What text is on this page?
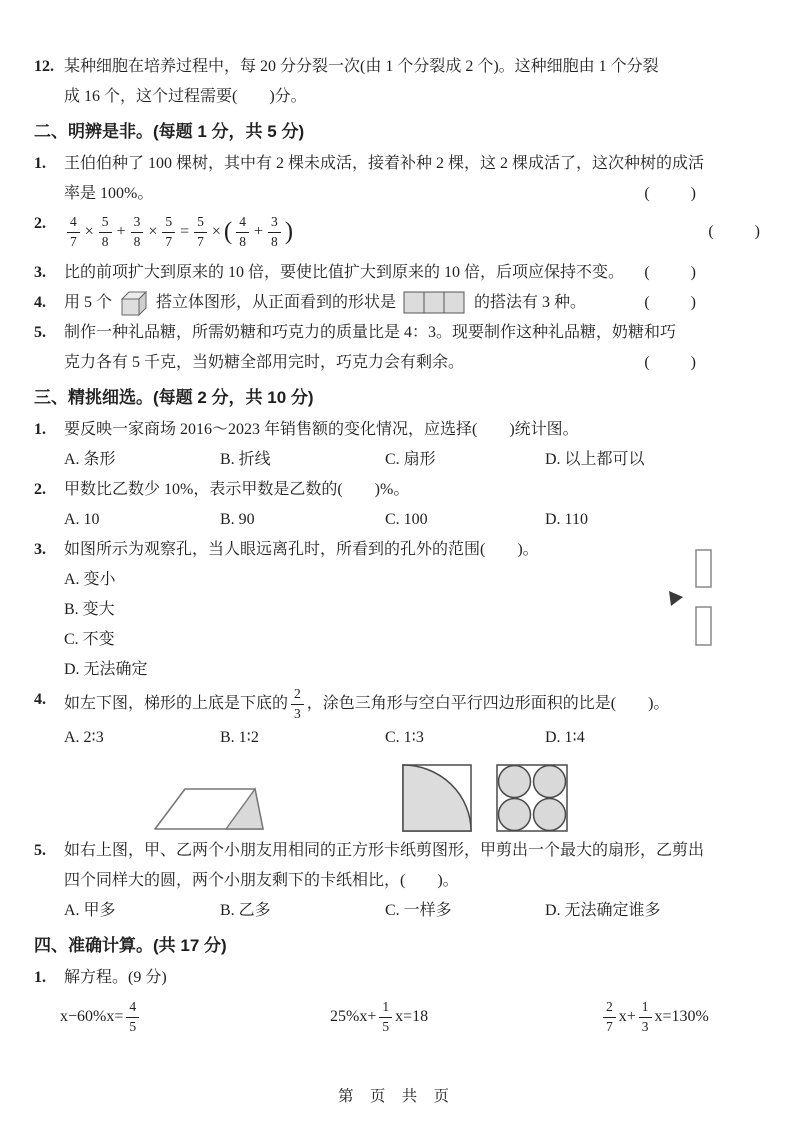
12. 某种细胞在培养过程中，每 20 分分裂一次(由 1 个分裂成 2 个)。这种细胞由 1 个分裂
成 16 个，这个过程需要(　　)分。
二、明辨是非。(每题 1 分，共 5 分)
1.	王伯伯种了 100 棵树，其中有 2 棵未成活，接着补种 2 棵，这 2 棵成活了，这次种树的成活
率是 100%。	(　　)
2.	$\frac{4}{7} \times \frac{5}{8} + \frac{3}{8} \times \frac{5}{7} = \frac{5}{7}$ × ( $\frac{4}{8} + \frac{3}{8}$ )	(　　)
3.	比的前项扩大到原来的 10 倍，要使比值扩大到原来的 10 倍，后项应保持不变。 (　　)
4.	用 5 个	搭立体图形，从正面看到的形状是	的搭法有 3 种。	(　　)
5.	制作一种礼品糖，所需奶糖和巧克力的质量比是 4：3。现要制作这种礼品糖，奶糖和巧
克力各有 5 千克，当奶糖全部用完时，巧克力会有剩余。	(　　)
三、精挑细选。(每题 2 分，共 10 分)
1.	要反映一家商场 2016～2023 年销售额的变化情况，应选择(　　)统计图。
A. 条形	B. 折线	C. 扇形	D. 以上都可以
2.	甲数比乙数少 10%，表示甲数是乙数的(　　)%。
A. 10	B. 90	C. 100	D. 110
3.	如图所示为观察孔，当人眼远离孔时，所看到的孔外的范围(　　)。
A. 变小
B. 变大
C. 不变
D. 无法确定
4.	如左下图，梯形的上底是下底的 $\frac{2}{3}$ ，涂色三角形与空白平行四边形面积的比是(　　)。
A. 2∶3	B. 1∶2	C. 1∶3	D. 1∶4
5.	如右上图，甲、乙两个小朋友用相同的正方形卡纸剪图形，甲剪出一个最大的扇形，乙剪出
四个同样大的圆，两个小朋友剩下的卡纸相比，(　　)。
A. 甲多	B. 乙多	C. 一样多	D. 无法确定谁多
四、准确计算。(共 17 分)
1.	解方程。(9 分)
$x-60\%x= \frac{4}{5}$	$25\%x+ \frac{1}{5} x=18$	$\frac{2}{7} x+ \frac{1}{3} x=130\%$
第 页 共 页
